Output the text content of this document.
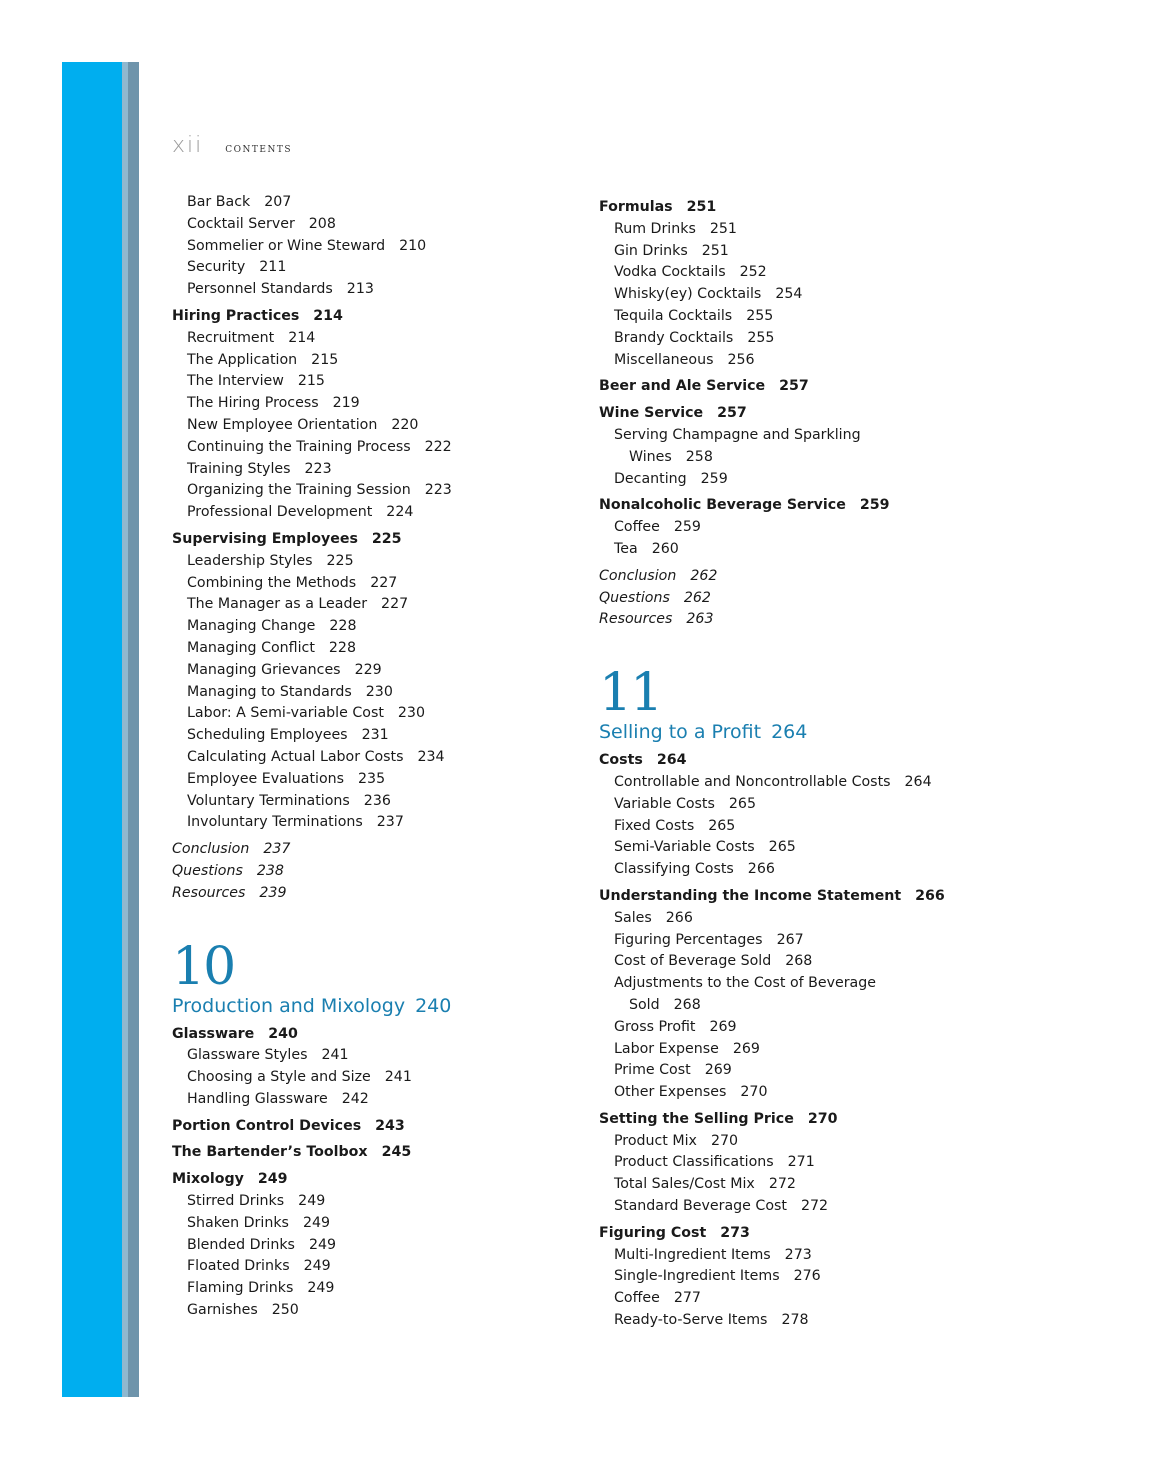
xii contents
Bar Back 207
Cocktail Server 208
Sommelier or Wine Steward 210
Security 211
Personnel Standards 213
Hiring Practices 214
Recruitment 214
The Application 215
The Interview 215
The Hiring Process 219
New Employee Orientation 220
Continuing the Training Process 222
Training Styles 223
Organizing the Training Session 223
Professional Development 224
Supervising Employees 225
Leadership Styles 225
Combining the Methods 227
The Manager as a Leader 227
Managing Change 228
Managing Conflict 228
Managing Grievances 229
Managing to Standards 230
Labor: A Semi-variable Cost 230
Scheduling Employees 231
Calculating Actual Labor Costs 234
Employee Evaluations 235
Voluntary Terminations 236
Involuntary Terminations 237
Conclusion 237
Questions 238
Resources 239
10
Production and Mixology 240
Glassware 240
Glassware Styles 241
Choosing a Style and Size 241
Handling Glassware 242
Portion Control Devices 243
The Bartender’s Toolbox 245
Mixology 249
Stirred Drinks 249
Shaken Drinks 249
Blended Drinks 249
Floated Drinks 249
Flaming Drinks 249
Garnishes 250
Formulas 251
Rum Drinks 251
Gin Drinks 251
Vodka Cocktails 252
Whisky(ey) Cocktails 254
Tequila Cocktails 255
Brandy Cocktails 255
Miscellaneous 256
Beer and Ale Service 257
Wine Service 257
Serving Champagne and Sparkling
Wines 258
Decanting 259
Nonalcoholic Beverage Service 259
Coffee 259
Tea 260
Conclusion 262
Questions 262
Resources 263
11
Selling to a Profit 264
Costs 264
Controllable and Noncontrollable Costs 264
Variable Costs 265
Fixed Costs 265
Semi-Variable Costs 265
Classifying Costs 266
Understanding the Income Statement 266
Sales 266
Figuring Percentages 267
Cost of Beverage Sold 268
Adjustments to the Cost of Beverage
Sold 268
Gross Profit 269
Labor Expense 269
Prime Cost 269
Other Expenses 270
Setting the Selling Price 270
Product Mix 270
Product Classifications 271
Total Sales/Cost Mix 272
Standard Beverage Cost 272
Figuring Cost 273
Multi-Ingredient Items 273
Single-Ingredient Items 276
Coffee 277
Ready-to-Serve Items 278
